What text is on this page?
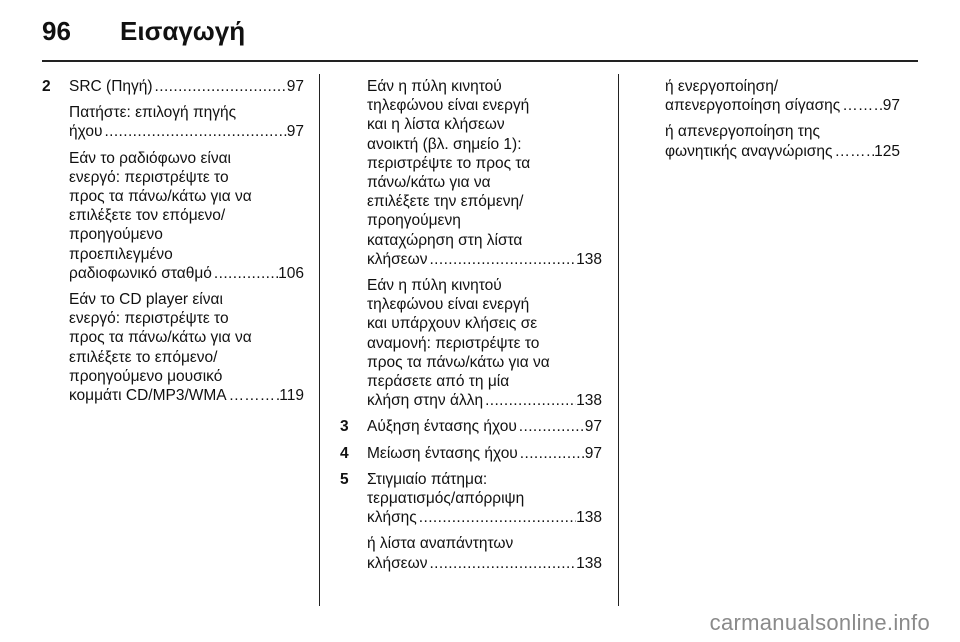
96 Εισαγωγή
2 SRC (Πηγή) .....	97
Πατήστε: επιλογή πηγής
ήχου .....	97
Εάν το ραδιόφωνο είναι
ενεργό: περιστρέψτε το
προς τα πάνω/κάτω για να
επιλέξετε τον επόμενο/
προηγούμενο
προεπιλεγμένο
ραδιοφωνικό σταθμό .....	106
Εάν το CD player είναι
ενεργό: περιστρέψτε το
προς τα πάνω/κάτω για να
επιλέξετε το επόμενο/
προηγούμενο μουσικό
κομμάτι CD/MP3/WMA ……………………………………………………	119
Εάν η πύλη κινητού
τηλεφώνου είναι ενεργή
και η λίστα κλήσεων
ανοικτή (βλ. σημείο 1):
περιστρέψτε το προς τα
πάνω/κάτω για να
επιλέξετε την επόμενη/
προηγούμενη
καταχώρηση στη λίστα
κλήσεων .....	138
Εάν η πύλη κινητού
τηλεφώνου είναι ενεργή
και υπάρχουν κλήσεις σε
αναμονή: περιστρέψτε το
προς τα πάνω/κάτω για να
περάσετε από τη μία
κλήση στην άλλη .....	138
3 Αύξηση έντασης ήχου .....	97
4 Μείωση έντασης ήχου .....	97
5 Στιγμιαίο πάτημα:
τερματισμός/απόρριψη
κλήσης .....	138
ή λίστα αναπάντητων
κλήσεων .....	138
ή ενεργοποίηση/
απενεργοποίηση σίγασης ……………………………………………………	97
ή απενεργοποίηση της
φωνητικής αναγνώρισης ……………………………………………………	125
carmanualsonline.info
